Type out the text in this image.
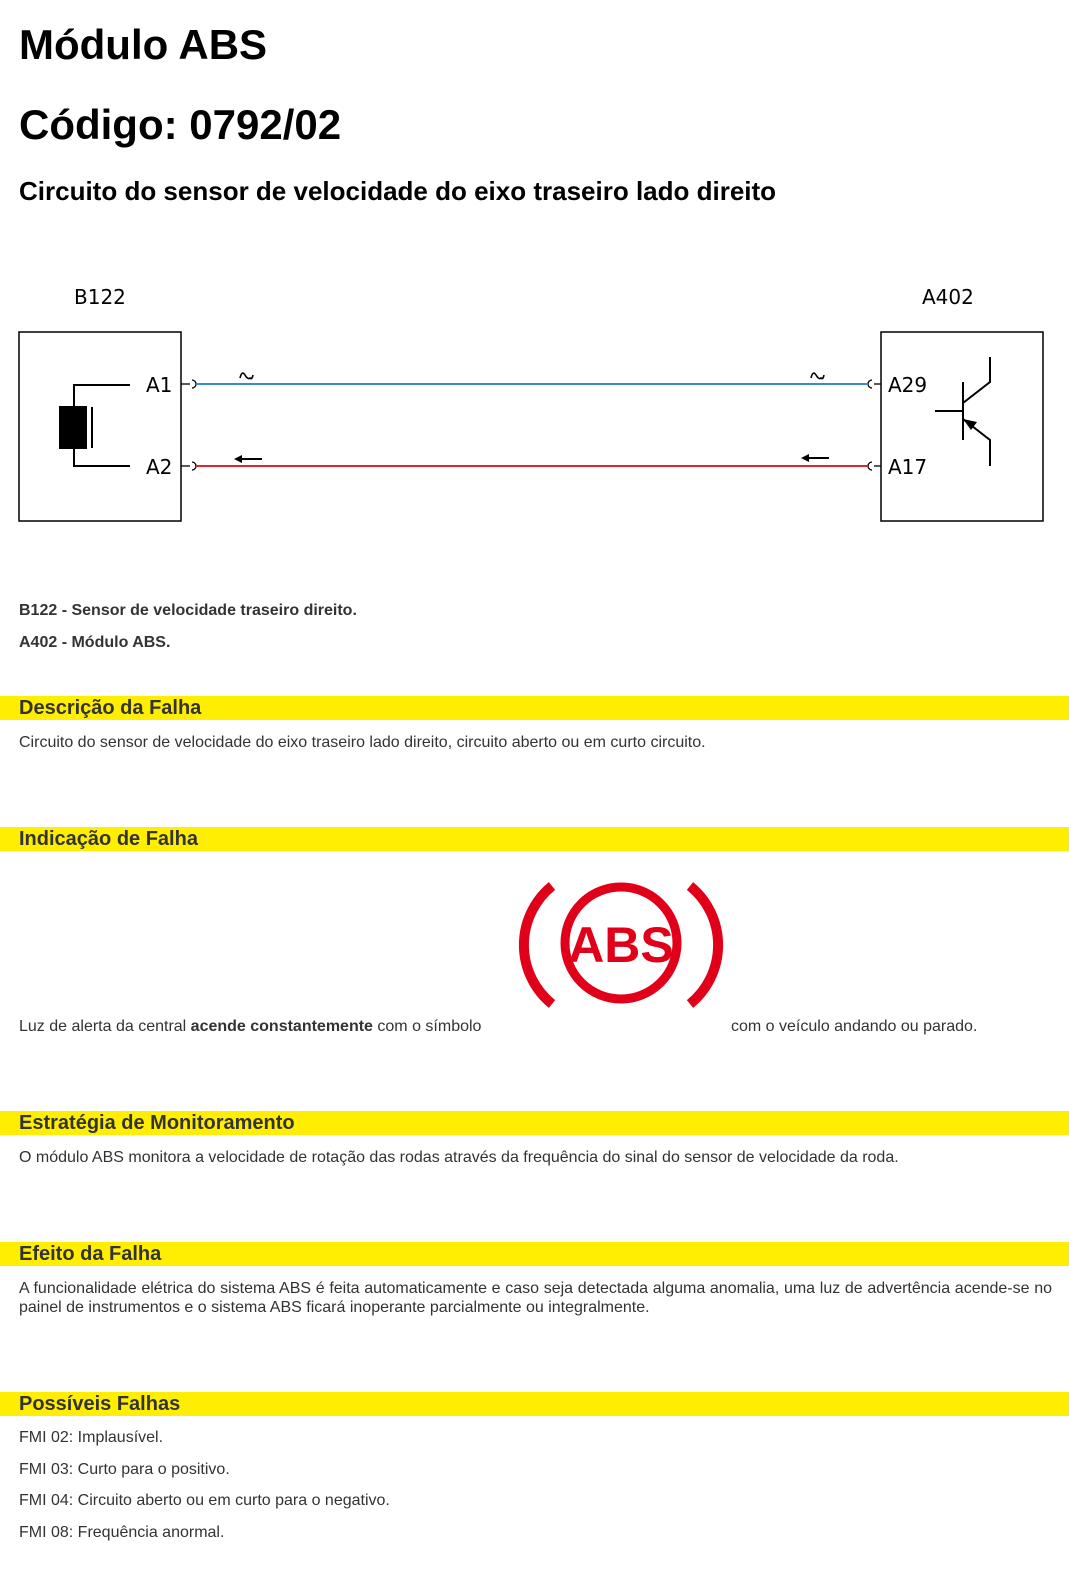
Módulo ABS
Código: 0792/02
Circuito do sensor de velocidade do eixo traseiro lado direito
B122	A402
A1
A2
A29
A17
B122 - Sensor de velocidade traseiro direito.
A402 - Módulo ABS.
Descrição da Falha
Circuito do sensor de velocidade do eixo traseiro lado direito, circuito aberto ou em curto circuito.
Indicação de Falha
Luz de alerta da central acende constantemente com o símbolo
ABS
com o veículo andando ou parado.
Estratégia de Monitoramento
O módulo ABS monitora a velocidade de rotação das rodas através da frequência do sinal do sensor de velocidade da roda.
Efeito da Falha
A funcionalidade elétrica do sistema ABS é feita automaticamente e caso seja detectada alguma anomalia, uma luz de advertência acende-se no painel de instrumentos e o sistema ABS ficará inoperante parcialmente ou integralmente.
Possíveis Falhas
FMI 02: Implausível.
FMI 03: Curto para o positivo.
FMI 04: Circuito aberto ou em curto para o negativo.
FMI 08: Frequência anormal.
